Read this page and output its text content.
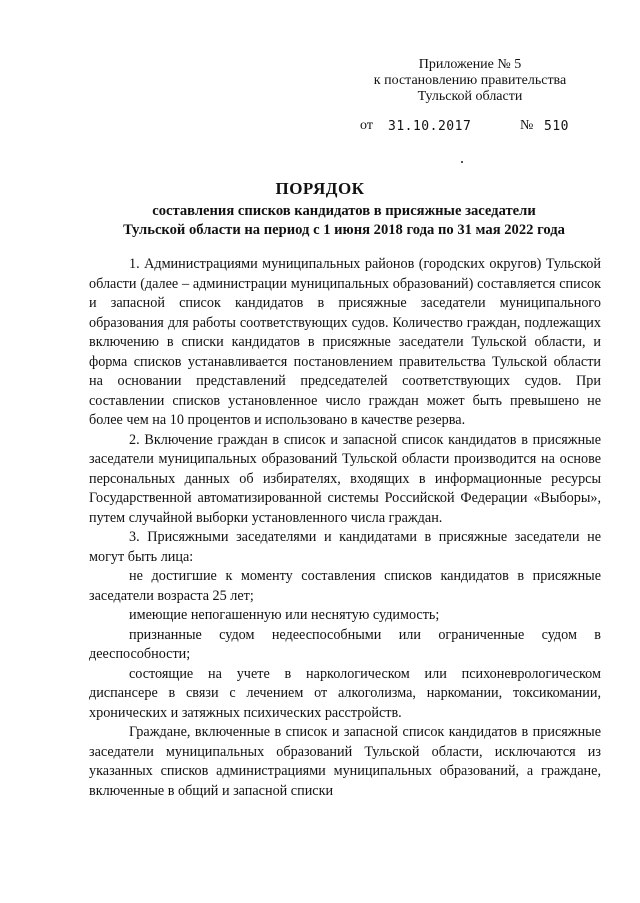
Приложение № 5
к постановлению правительства
Тульской области
от 31.10.2017	№ 510
ПОРЯДОК
составления списков кандидатов в присяжные заседатели
Тульской области на период с 1 июня 2018 года по 31 мая 2022 года

1. Администрациями муниципальных районов (городских округов) Тульской области (далее – администрации муниципальных образований) составляется список и запасной список кандидатов в присяжные заседатели муниципального образования для работы соответствующих судов. Количество граждан, подлежащих включению в списки кандидатов в присяжные заседатели Тульской области, и форма списков устанавливается постановлением правительства Тульской области на основании представлений председателей соответствующих судов. При составлении списков установленное число граждан может быть превышено не более чем на 10 процентов и использовано в качестве резерва.

2. Включение граждан в список и запасной список кандидатов в присяжные заседатели муниципальных образований Тульской области производится на основе персональных данных об избирателях, входящих в информационные ресурсы Государственной автоматизированной системы Российской Федерации «Выборы», путем случайной выборки установленного числа граждан.

3. Присяжными заседателями и кандидатами в присяжные заседатели не могут быть лица:

не достигшие к моменту составления списков кандидатов в присяжные заседатели возраста 25 лет;

имеющие непогашенную или неснятую судимость;

признанные судом недееспособными или ограниченные судом в дееспособности;

состоящие на учете в наркологическом или психоневрологическом диспансере в связи с лечением от алкоголизма, наркомании, токсикомании, хронических и затяжных психических расстройств.

Граждане, включенные в список и запасной список кандидатов в присяжные заседатели муниципальных образований Тульской области, исключаются из указанных списков администрациями муниципальных образований, а граждане, включенные в общий и запасной списки
